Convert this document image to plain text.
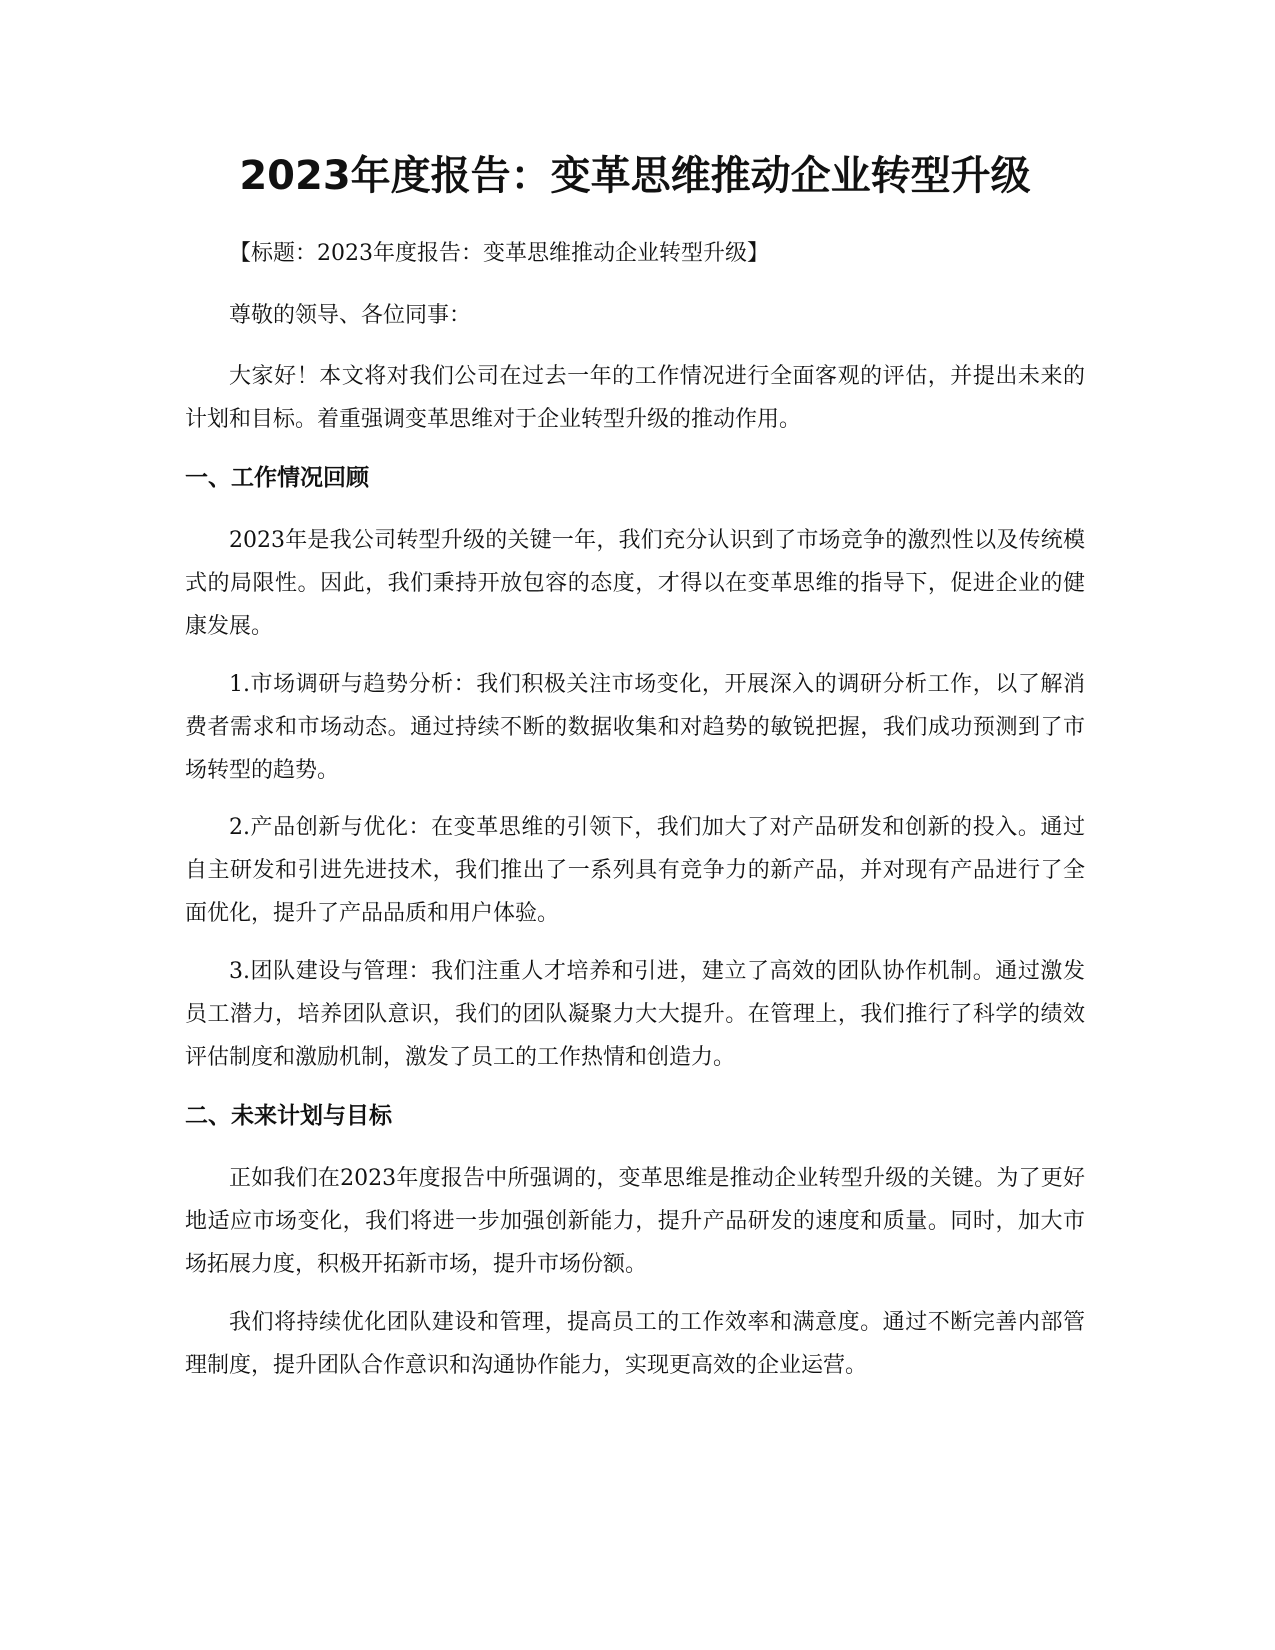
2023年度报告：变革思维推动企业转型升级

【标题：2023年度报告：变革思维推动企业转型升级】

尊敬的领导、各位同事：

大家好！本文将对我们公司在过去一年的工作情况进行全面客观的评估，并提出未来的计划和目标。着重强调变革思维对于企业转型升级的推动作用。

一、工作情况回顾

2023年是我公司转型升级的关键一年，我们充分认识到了市场竞争的激烈性以及传统模式的局限性。因此，我们秉持开放包容的态度，才得以在变革思维的指导下，促进企业的健康发展。

1.市场调研与趋势分析：我们积极关注市场变化，开展深入的调研分析工作，以了解消费者需求和市场动态。通过持续不断的数据收集和对趋势的敏锐把握，我们成功预测到了市场转型的趋势。

2.产品创新与优化：在变革思维的引领下，我们加大了对产品研发和创新的投入。通过自主研发和引进先进技术，我们推出了一系列具有竞争力的新产品，并对现有产品进行了全面优化，提升了产品品质和用户体验。

3.团队建设与管理：我们注重人才培养和引进，建立了高效的团队协作机制。通过激发员工潜力，培养团队意识，我们的团队凝聚力大大提升。在管理上，我们推行了科学的绩效评估制度和激励机制，激发了员工的工作热情和创造力。

二、未来计划与目标

正如我们在2023年度报告中所强调的，变革思维是推动企业转型升级的关键。为了更好地适应市场变化，我们将进一步加强创新能力，提升产品研发的速度和质量。同时，加大市场拓展力度，积极开拓新市场，提升市场份额。

我们将持续优化团队建设和管理，提高员工的工作效率和满意度。通过不断完善内部管理制度，提升团队合作意识和沟通协作能力，实现更高效的企业运营。
